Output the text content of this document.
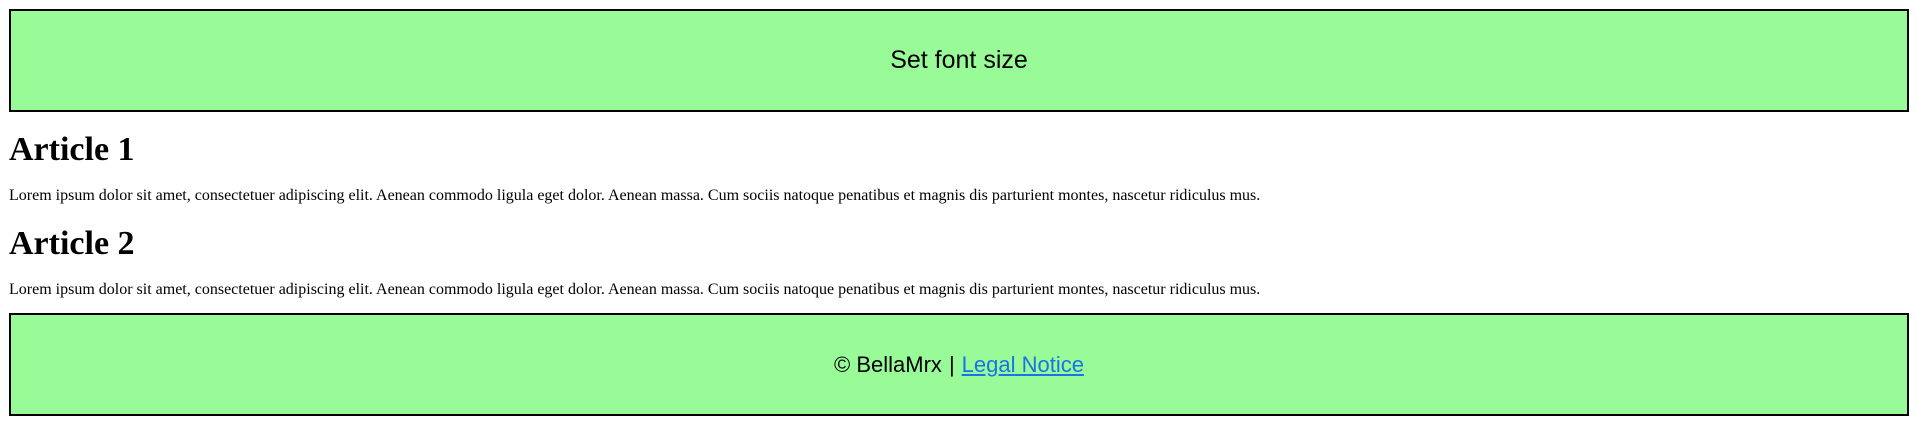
Set font size
Article 1

Lorem ipsum dolor sit amet, consectetuer adipiscing elit. Aenean commodo ligula eget dolor. Aenean massa. Cum sociis natoque penatibus et magnis dis parturient montes, nascetur ridiculus mus.

Article 2

Lorem ipsum dolor sit amet, consectetuer adipiscing elit. Aenean commodo ligula eget dolor. Aenean massa. Cum sociis natoque penatibus et magnis dis parturient montes, nascetur ridiculus mus.

© BellaMrx | Legal Notice
